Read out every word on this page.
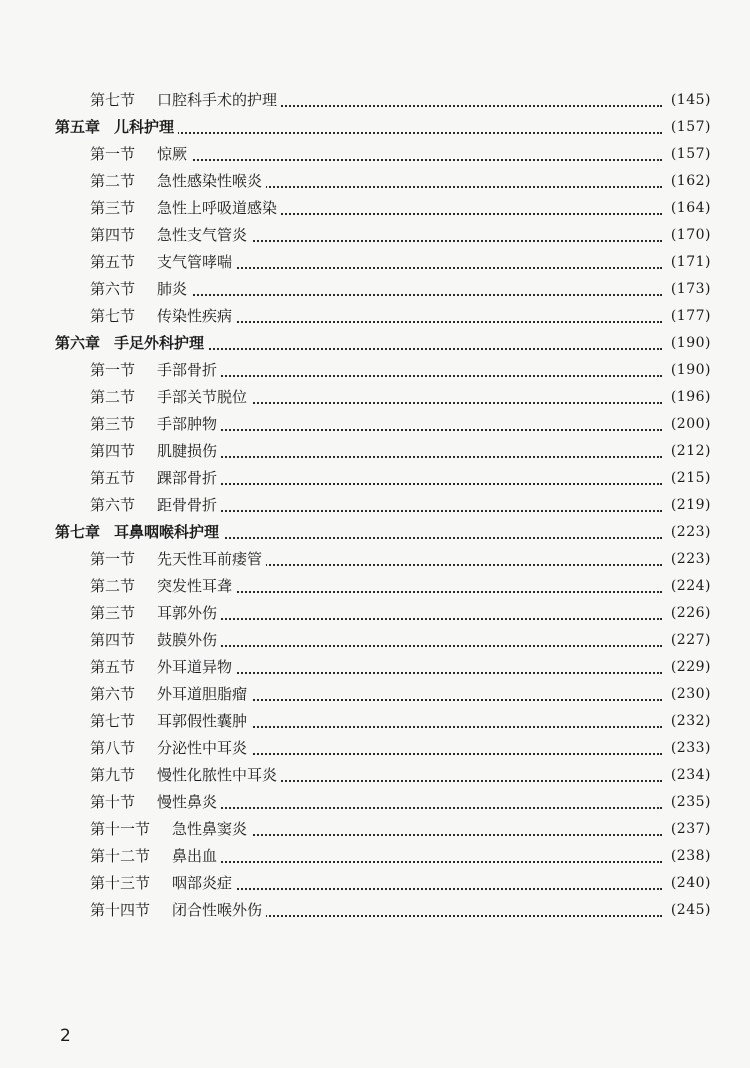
第七节 口腔科手术的护理	(145)
第五章 儿科护理	(157)
第一节 惊厥	(157)
第二节 急性感染性喉炎	(162)
第三节 急性上呼吸道感染	(164)
第四节 急性支气管炎	(170)
第五节 支气管哮喘	(171)
第六节 肺炎	(173)
第七节 传染性疾病	(177)
第六章 手足外科护理	(190)
第一节 手部骨折	(190)
第二节 手部关节脱位	(196)
第三节 手部肿物	(200)
第四节 肌腱损伤	(212)
第五节 踝部骨折	(215)
第六节 距骨骨折	(219)
第七章 耳鼻咽喉科护理	(223)
第一节 先天性耳前瘘管	(223)
第二节 突发性耳聋	(224)
第三节 耳郭外伤	(226)
第四节 鼓膜外伤	(227)
第五节 外耳道异物	(229)
第六节 外耳道胆脂瘤	(230)
第七节 耳郭假性囊肿	(232)
第八节 分泌性中耳炎	(233)
第九节 慢性化脓性中耳炎	(234)
第十节 慢性鼻炎	(235)
第十一节 急性鼻窦炎	(237)
第十二节 鼻出血	(238)
第十三节 咽部炎症	(240)
第十四节 闭合性喉外伤	(245)
2
